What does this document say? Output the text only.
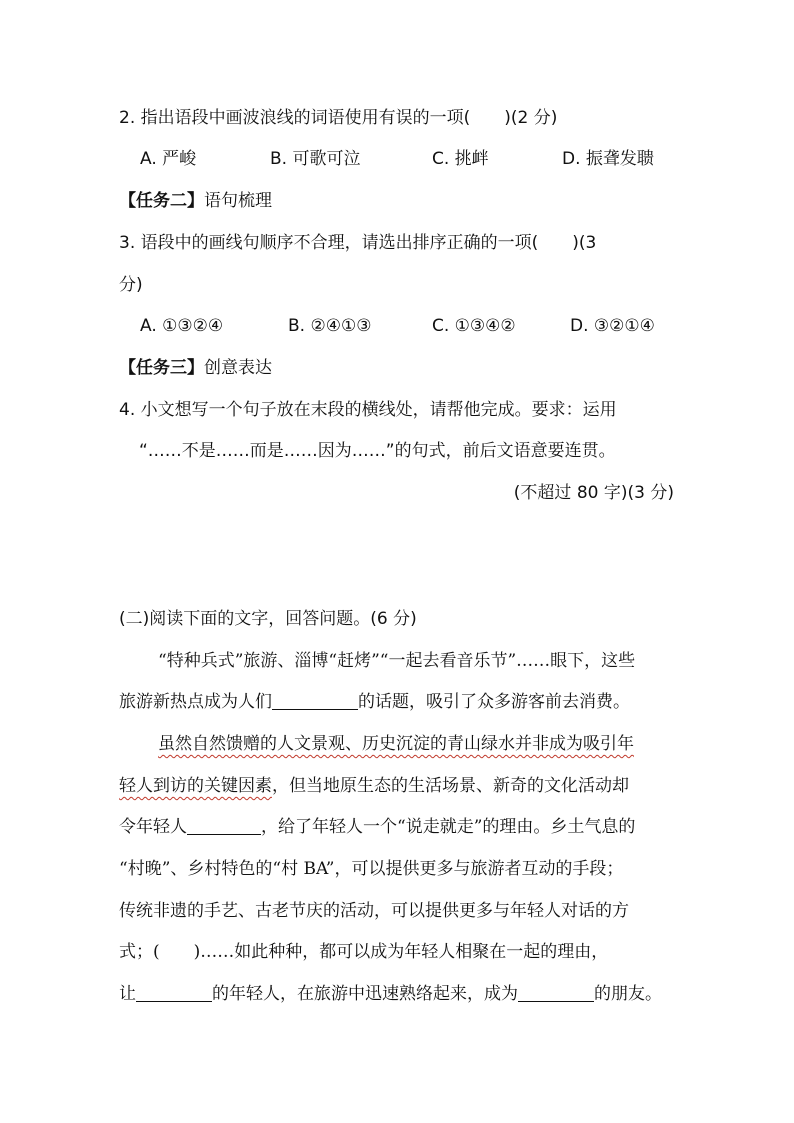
2. 指出语段中画波浪线的词语使用有误的一项(　　)(2 分)
A. 严峻	B. 可歌可泣	C. 挑衅	D. 振聋发聩
【任务二】语句梳理
3. 语段中的画线句顺序不合理，请选出排序正确的一项(　　)(3
分)
A. ①③②④	B. ②④①③	C. ①③④②	D. ③②①④
【任务三】创意表达
4. 小文想写一个句子放在末段的横线处，请帮他完成。要求：运用
“……不是……而是……因为……”的句式，前后文语意要连贯。
(不超过 80 字)(3 分)
(二)阅读下面的文字，回答问题。(6 分)
“特种兵式”旅游、淄博“赶烤”“一起去看音乐节”……眼下，这些
旅游新热点成为人们	的话题，吸引了众多游客前去消费。
虽然自然馈赠的人文景观、历史沉淀的青山绿水并非成为吸引年
轻人到访的关键因素，但当地原生态的生活场景、新奇的文化活动却
令年轻人	，给了年轻人一个“说走就走”的理由。乡土气息的
“村晚”、乡村特色的“村 BA”，可以提供更多与旅游者互动的手段；
传统非遗的手艺、古老节庆的活动，可以提供更多与年轻人对话的方
式；(　　)……如此种种，都可以成为年轻人相聚在一起的理由，
让	的年轻人，在旅游中迅速熟络起来，成为	的朋友。
